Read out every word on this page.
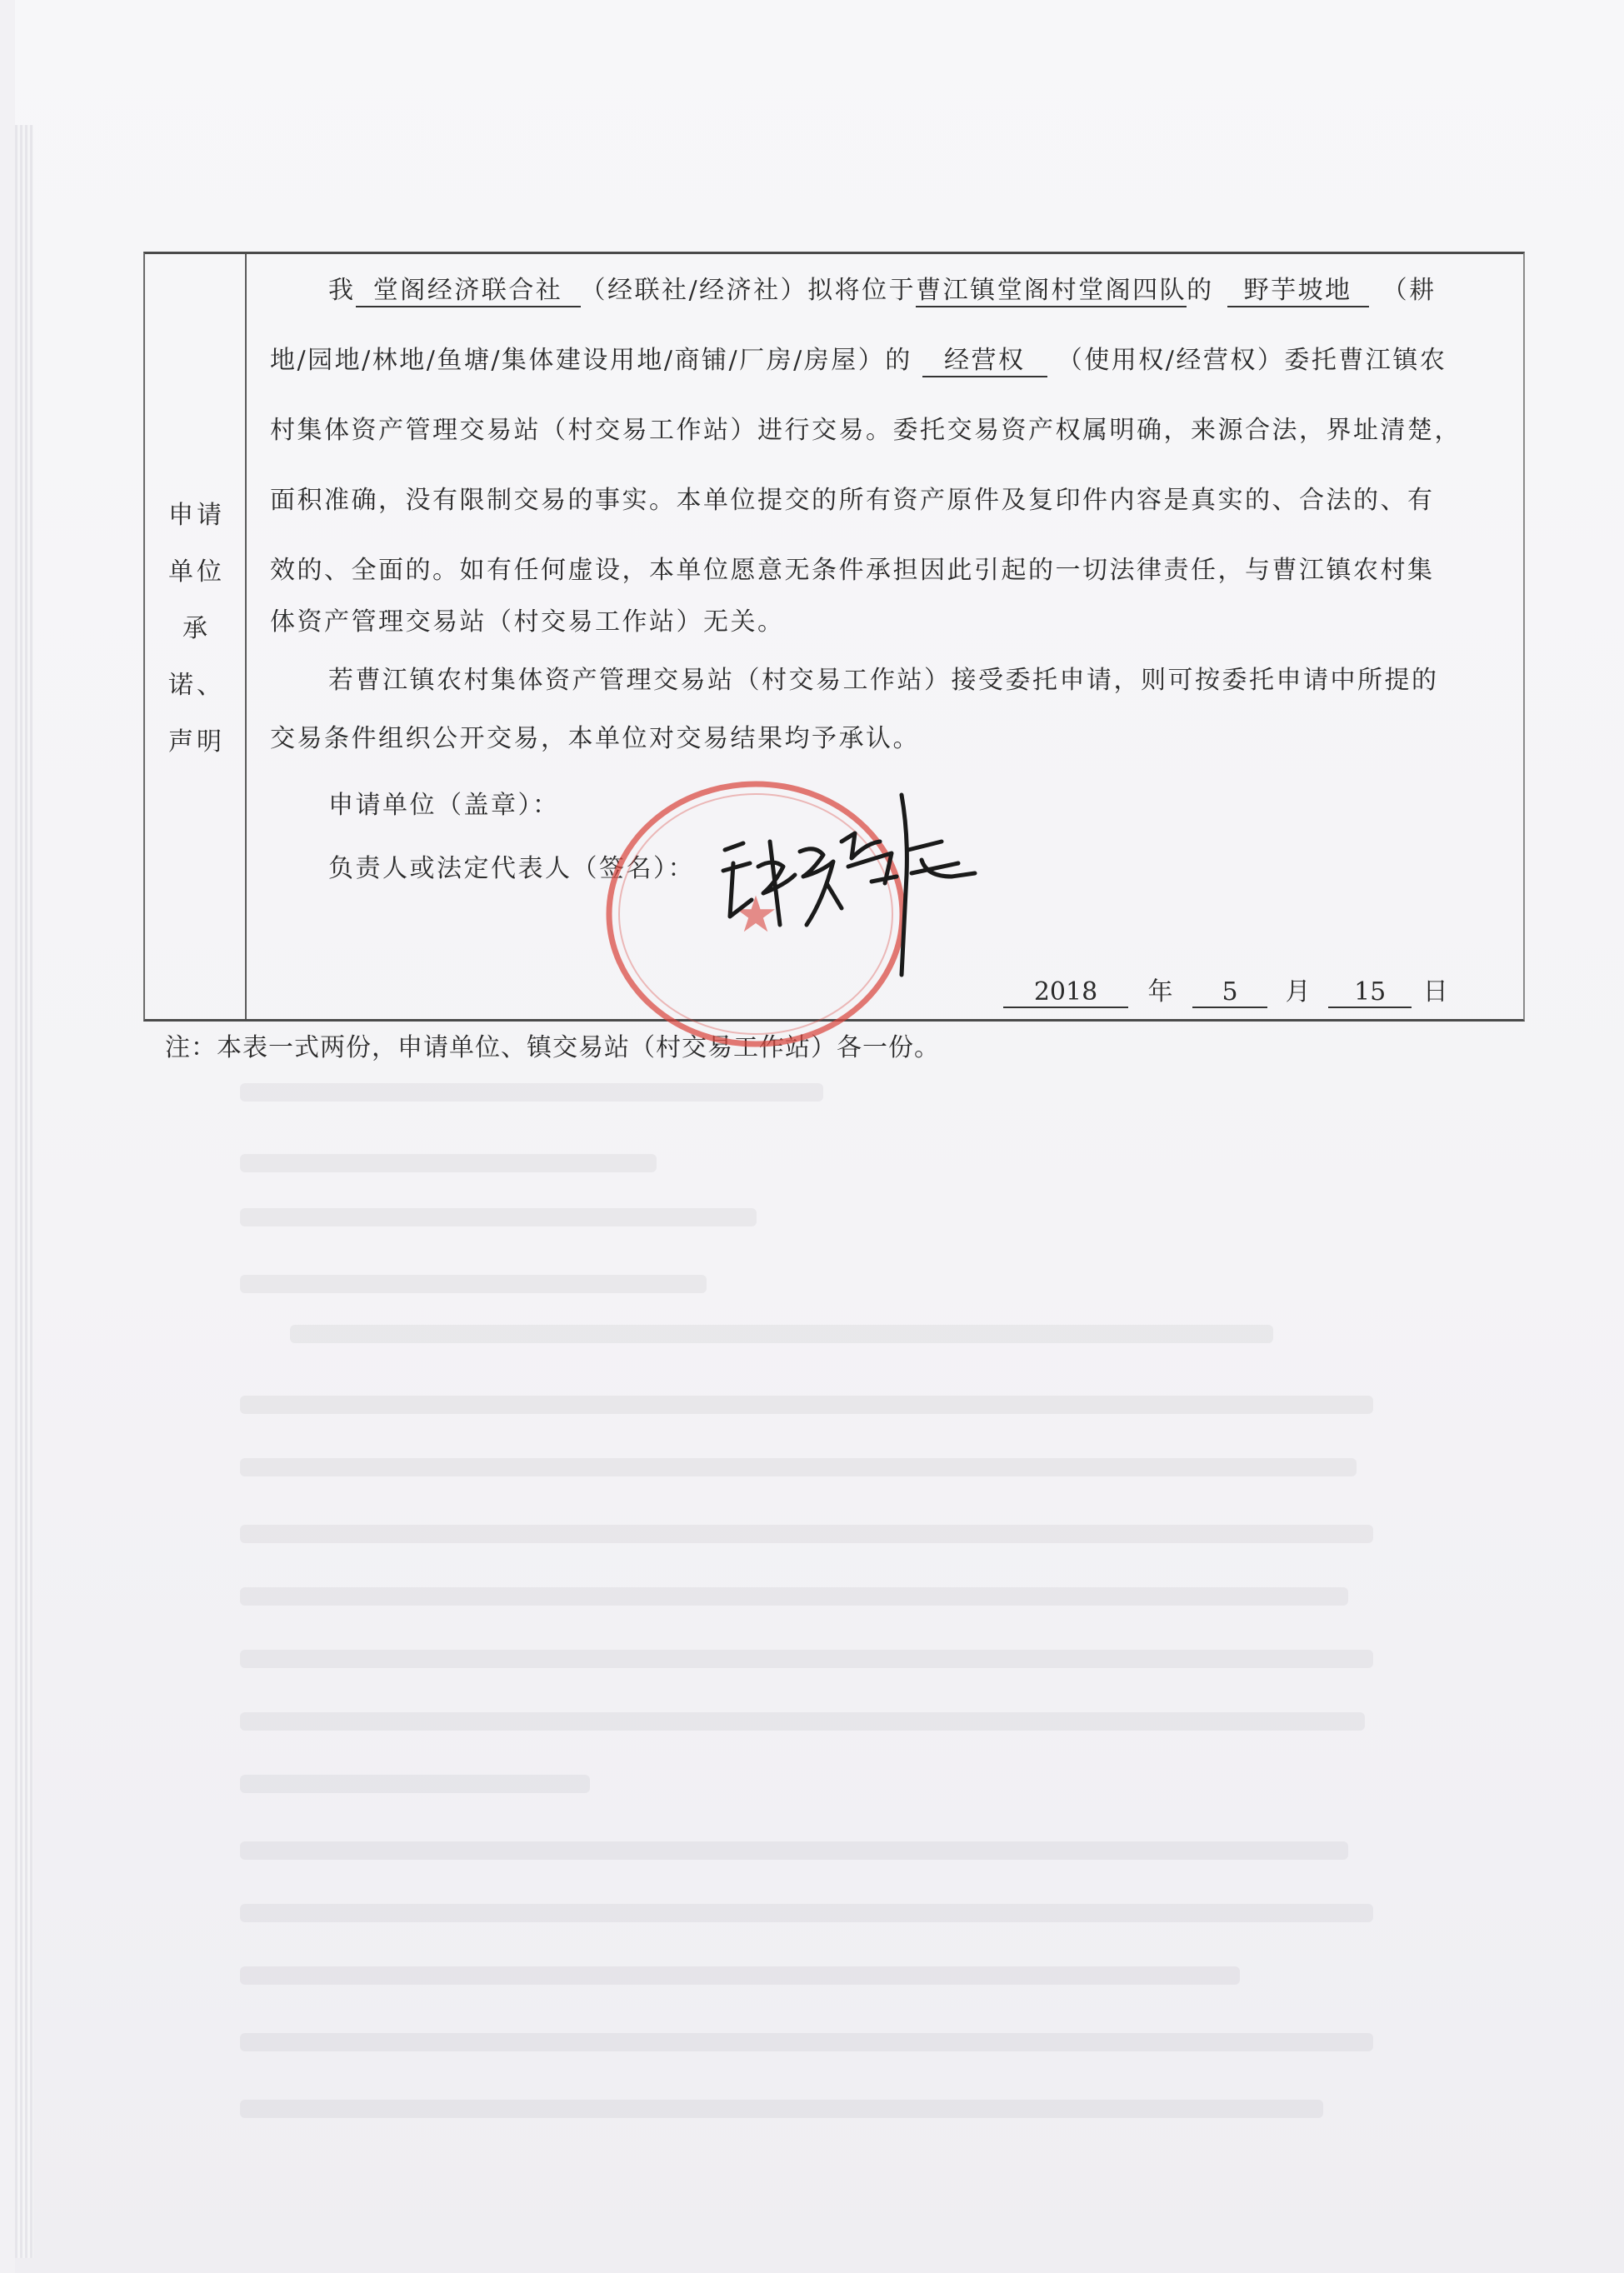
申请单位承诺、声明
我 堂阁经济联合社 （经联社/经济社）拟将位于曹江镇堂阁村堂阁四队的 野芋坡地 （耕
地/园地/林地/鱼塘/集体建设用地/商铺/厂房/房屋）的 经营权 （使用权/经营权）委托曹江镇农
村集体资产管理交易站（村交易工作站）进行交易。委托交易资产权属明确，来源合法，界址清楚，
面积准确，没有限制交易的事实。本单位提交的所有资产原件及复印件内容是真实的、合法的、有
效的、全面的。如有任何虚设，本单位愿意无条件承担因此引起的一切法律责任，与曹江镇农村集
体资产管理交易站（村交易工作站）无关。
若曹江镇农村集体资产管理交易站（村交易工作站）接受委托申请，则可按委托申请中所提的
交易条件组织公开交易，本单位对交易结果均予承认。
申请单位（盖章）：
负责人或法定代表人（签名）：
2018 年 5 月 15 日
注：本表一式两份，申请单位、镇交易站（村交易工作站）各一份。
★
